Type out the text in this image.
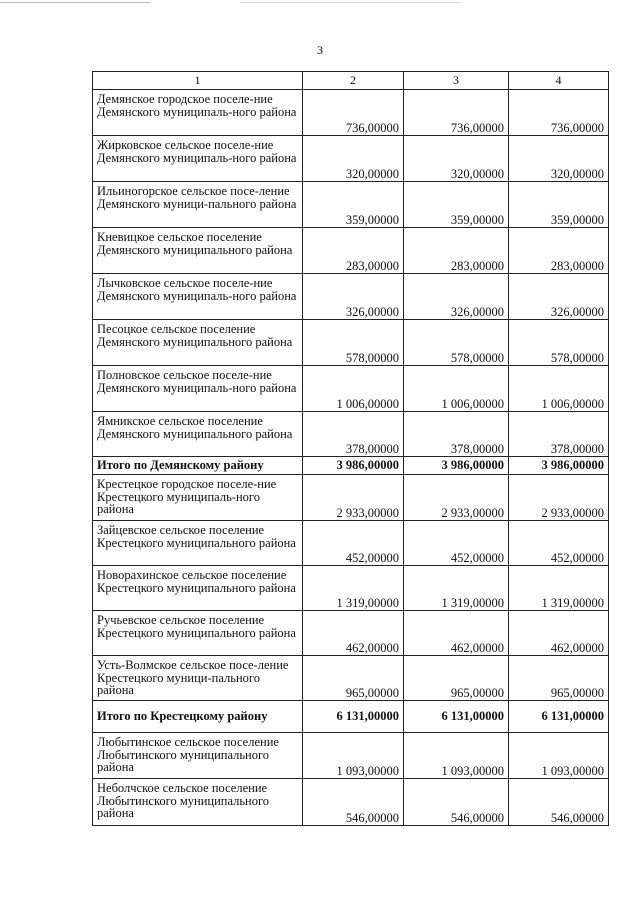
3
1	2	3	4
Демянское городское поселе-ние Демянского муниципаль-ного района	736,00000	736,00000	736,00000
Жирковское сельское поселе-ние Демянского муниципаль-ного района	320,00000	320,00000	320,00000
Ильиногорское сельское посе-ление Демянского муници-пального района	359,00000	359,00000	359,00000
Кневицкое сельское поселение Демянского муниципального района	283,00000	283,00000	283,00000
Лычковское сельское поселе-ние Демянского муниципаль-ного района	326,00000	326,00000	326,00000
Песоцкое сельское поселение Демянского муниципального района	578,00000	578,00000	578,00000
Полновское сельское поселе-ние Демянского муниципаль-ного района	1 006,00000	1 006,00000	1 006,00000
Ямникское сельское поселение Демянского муниципального района	378,00000	378,00000	378,00000
Итого по Демянскому району	3 986,00000	3 986,00000	3 986,00000
Крестецкое городское поселе-ние Крестецкого муниципаль-ного района	2 933,00000	2 933,00000	2 933,00000
Зайцевское сельское поселение Крестецкого муниципального района	452,00000	452,00000	452,00000
Новорахинское сельское поселение Крестецкого муниципального района	1 319,00000	1 319,00000	1 319,00000
Ручьевское сельское поселение Крестецкого муниципального района	462,00000	462,00000	462,00000
Усть-Волмское сельское посе-ление Крестецкого муници-пального района	965,00000	965,00000	965,00000
Итого по Крестецкому району	6 131,00000	6 131,00000	6 131,00000
Любытинское сельское поселение Любытинского муниципального района	1 093,00000	1 093,00000	1 093,00000
Неболчское сельское поселение Любытинского муниципального района	546,00000	546,00000	546,00000
